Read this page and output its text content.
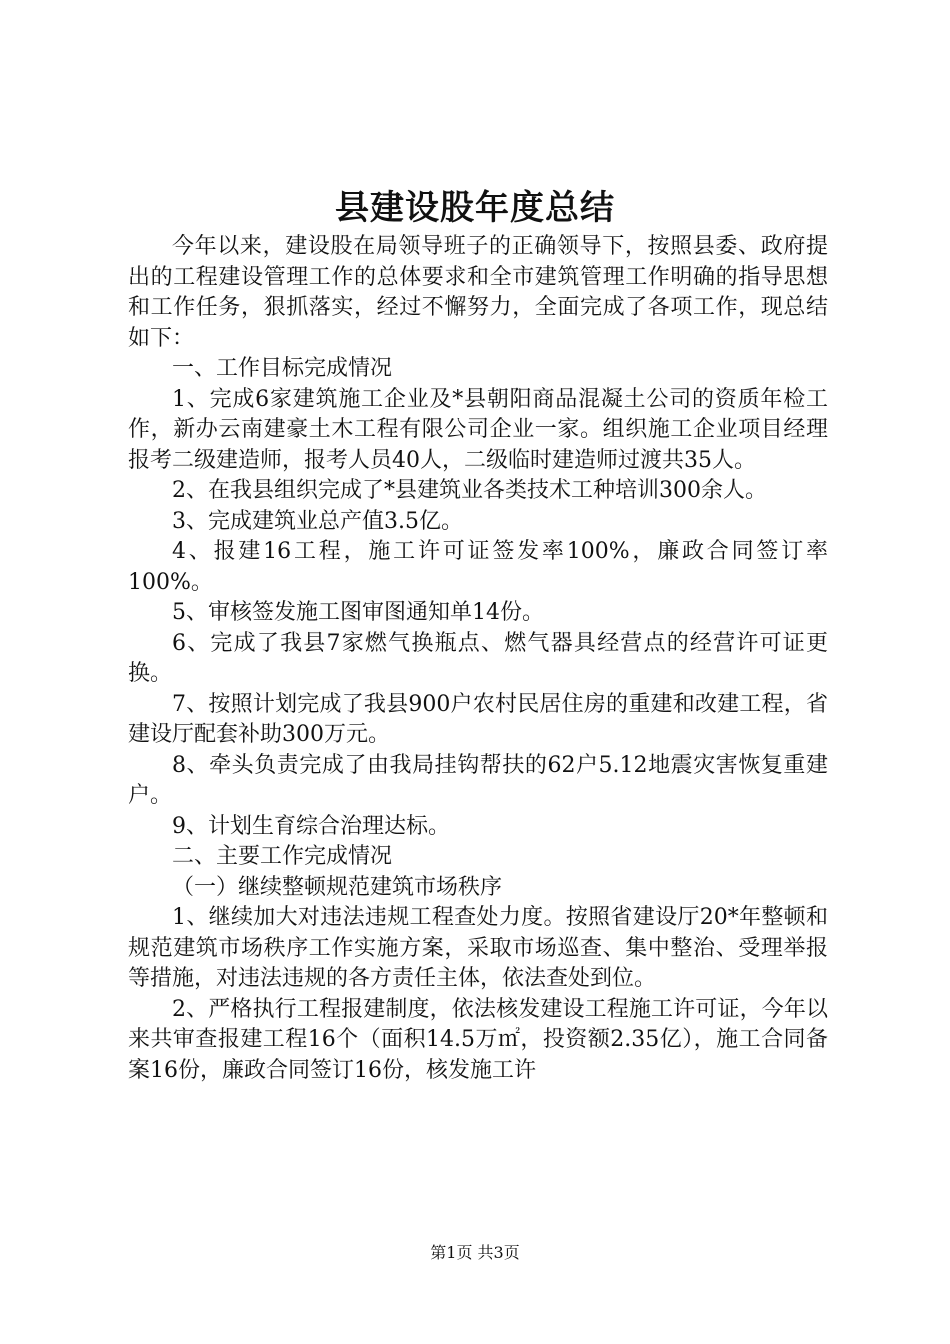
县建设股年度总结

今年以来，建设股在局领导班子的正确领导下，按照县委、政府提出的工程建设管理工作的总体要求和全市建筑管理工作明确的指导思想和工作任务，狠抓落实，经过不懈努力，全面完成了各项工作，现总结如下：

一、工作目标完成情况

1、完成6家建筑施工企业及*县朝阳商品混凝土公司的资质年检工作，新办云南建豪土木工程有限公司企业一家。组织施工企业项目经理报考二级建造师，报考人员40人，二级临时建造师过渡共35人。

2、在我县组织完成了*县建筑业各类技术工种培训300余人。

3、完成建筑业总产值3.5亿。

4、报建16工程，施工许可证签发率100%，廉政合同签订率100%。

5、审核签发施工图审图通知单14份。

6、完成了我县7家燃气换瓶点、燃气器具经营点的经营许可证更换。

7、按照计划完成了我县900户农村民居住房的重建和改建工程，省建设厅配套补助300万元。

8、牵头负责完成了由我局挂钩帮扶的62户5.12地震灾害恢复重建户。

9、计划生育综合治理达标。

二、主要工作完成情况

（一）继续整顿规范建筑市场秩序

1、继续加大对违法违规工程查处力度。按照省建设厅20*年整顿和规范建筑市场秩序工作实施方案，采取市场巡查、集中整治、受理举报等措施，对违法违规的各方责任主体，依法查处到位。

2、严格执行工程报建制度，依法核发建设工程施工许可证，今年以来共审查报建工程16个（面积14.5万㎡，投资额2.35亿），施工合同备案16份，廉政合同签订16份，核发施工许

第1页 共3页
